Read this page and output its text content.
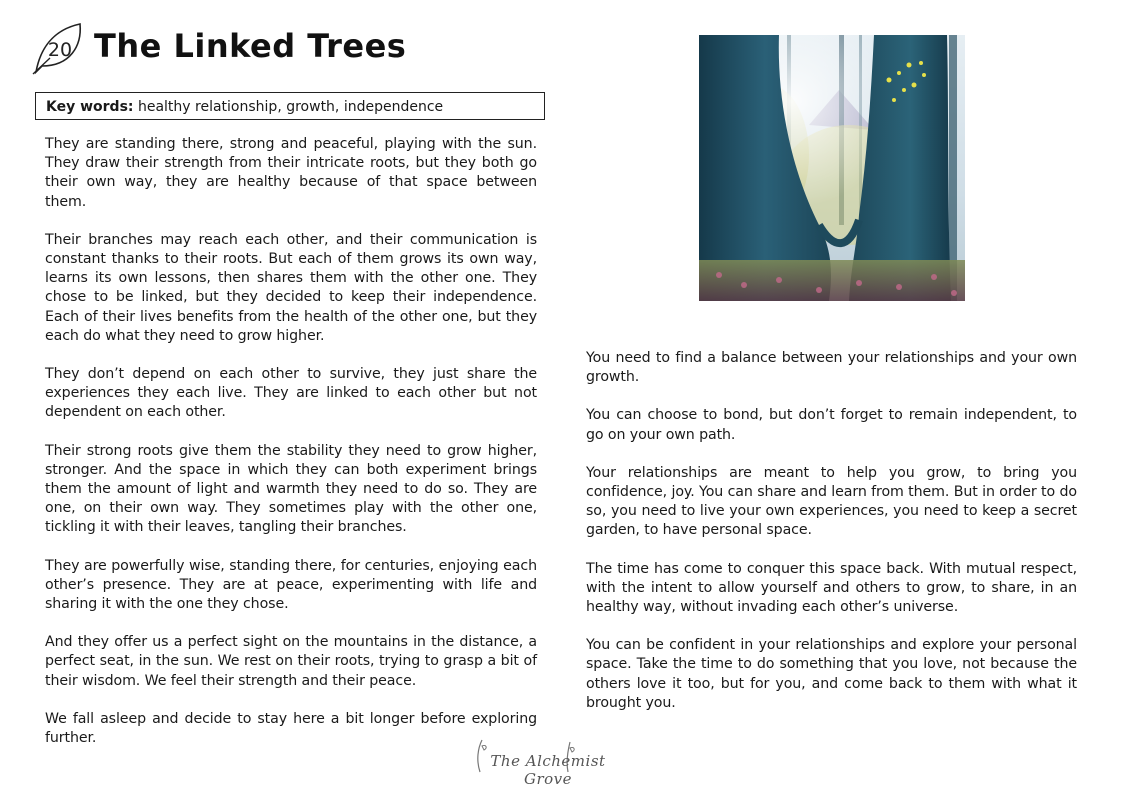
20 The Linked Trees
Key words: healthy relationship, growth, independence

They are standing there, strong and peaceful, playing with the sun. They draw their strength from their intricate roots, but they both go their own way, they are healthy because of that space between them.

Their branches may reach each other, and their communication is constant thanks to their roots. But each of them grows its own way, learns its own lessons, then shares them with the other one. They chose to be linked, but they decided to keep their independence. Each of their lives benefits from the health of the other one, but they each do what they need to grow higher.

They don’t depend on each other to survive, they just share the experiences they each live. They are linked to each other but not dependent on each other.

Their strong roots give them the stability they need to grow higher, stronger. And the space in which they can both experiment brings them the amount of light and warmth they need to do so. They are one, on their own way. They sometimes play with the other one, tickling it with their leaves, tangling their branches.

They are powerfully wise, standing there, for centuries, enjoying each other’s presence. They are at peace, experimenting with life and sharing it with the one they chose.

And they offer us a perfect sight on the mountains in the distance, a perfect seat, in the sun. We rest on their roots, trying to grasp a bit of their wisdom. We feel their strength and their peace.

We fall asleep and decide to stay here a bit longer before exploring further.

You need to find a balance between your relationships and your own growth.

You can choose to bond, but don’t forget to remain independent, to go on your own path.

Your relationships are meant to help you grow, to bring you confidence, joy. You can share and learn from them. But in order to do so, you need to live your own experiences, you need to keep a secret garden, to have personal space.

The time has come to conquer this space back. With mutual respect, with the intent to allow yourself and others to grow, to share, in an healthy way, without invading each other’s universe.

You can be confident in your relationships and explore your personal space. Take the time to do something that you love, not because the others love it too, but for you, and come back to them with what it brought you.

The Alchemist Grove
